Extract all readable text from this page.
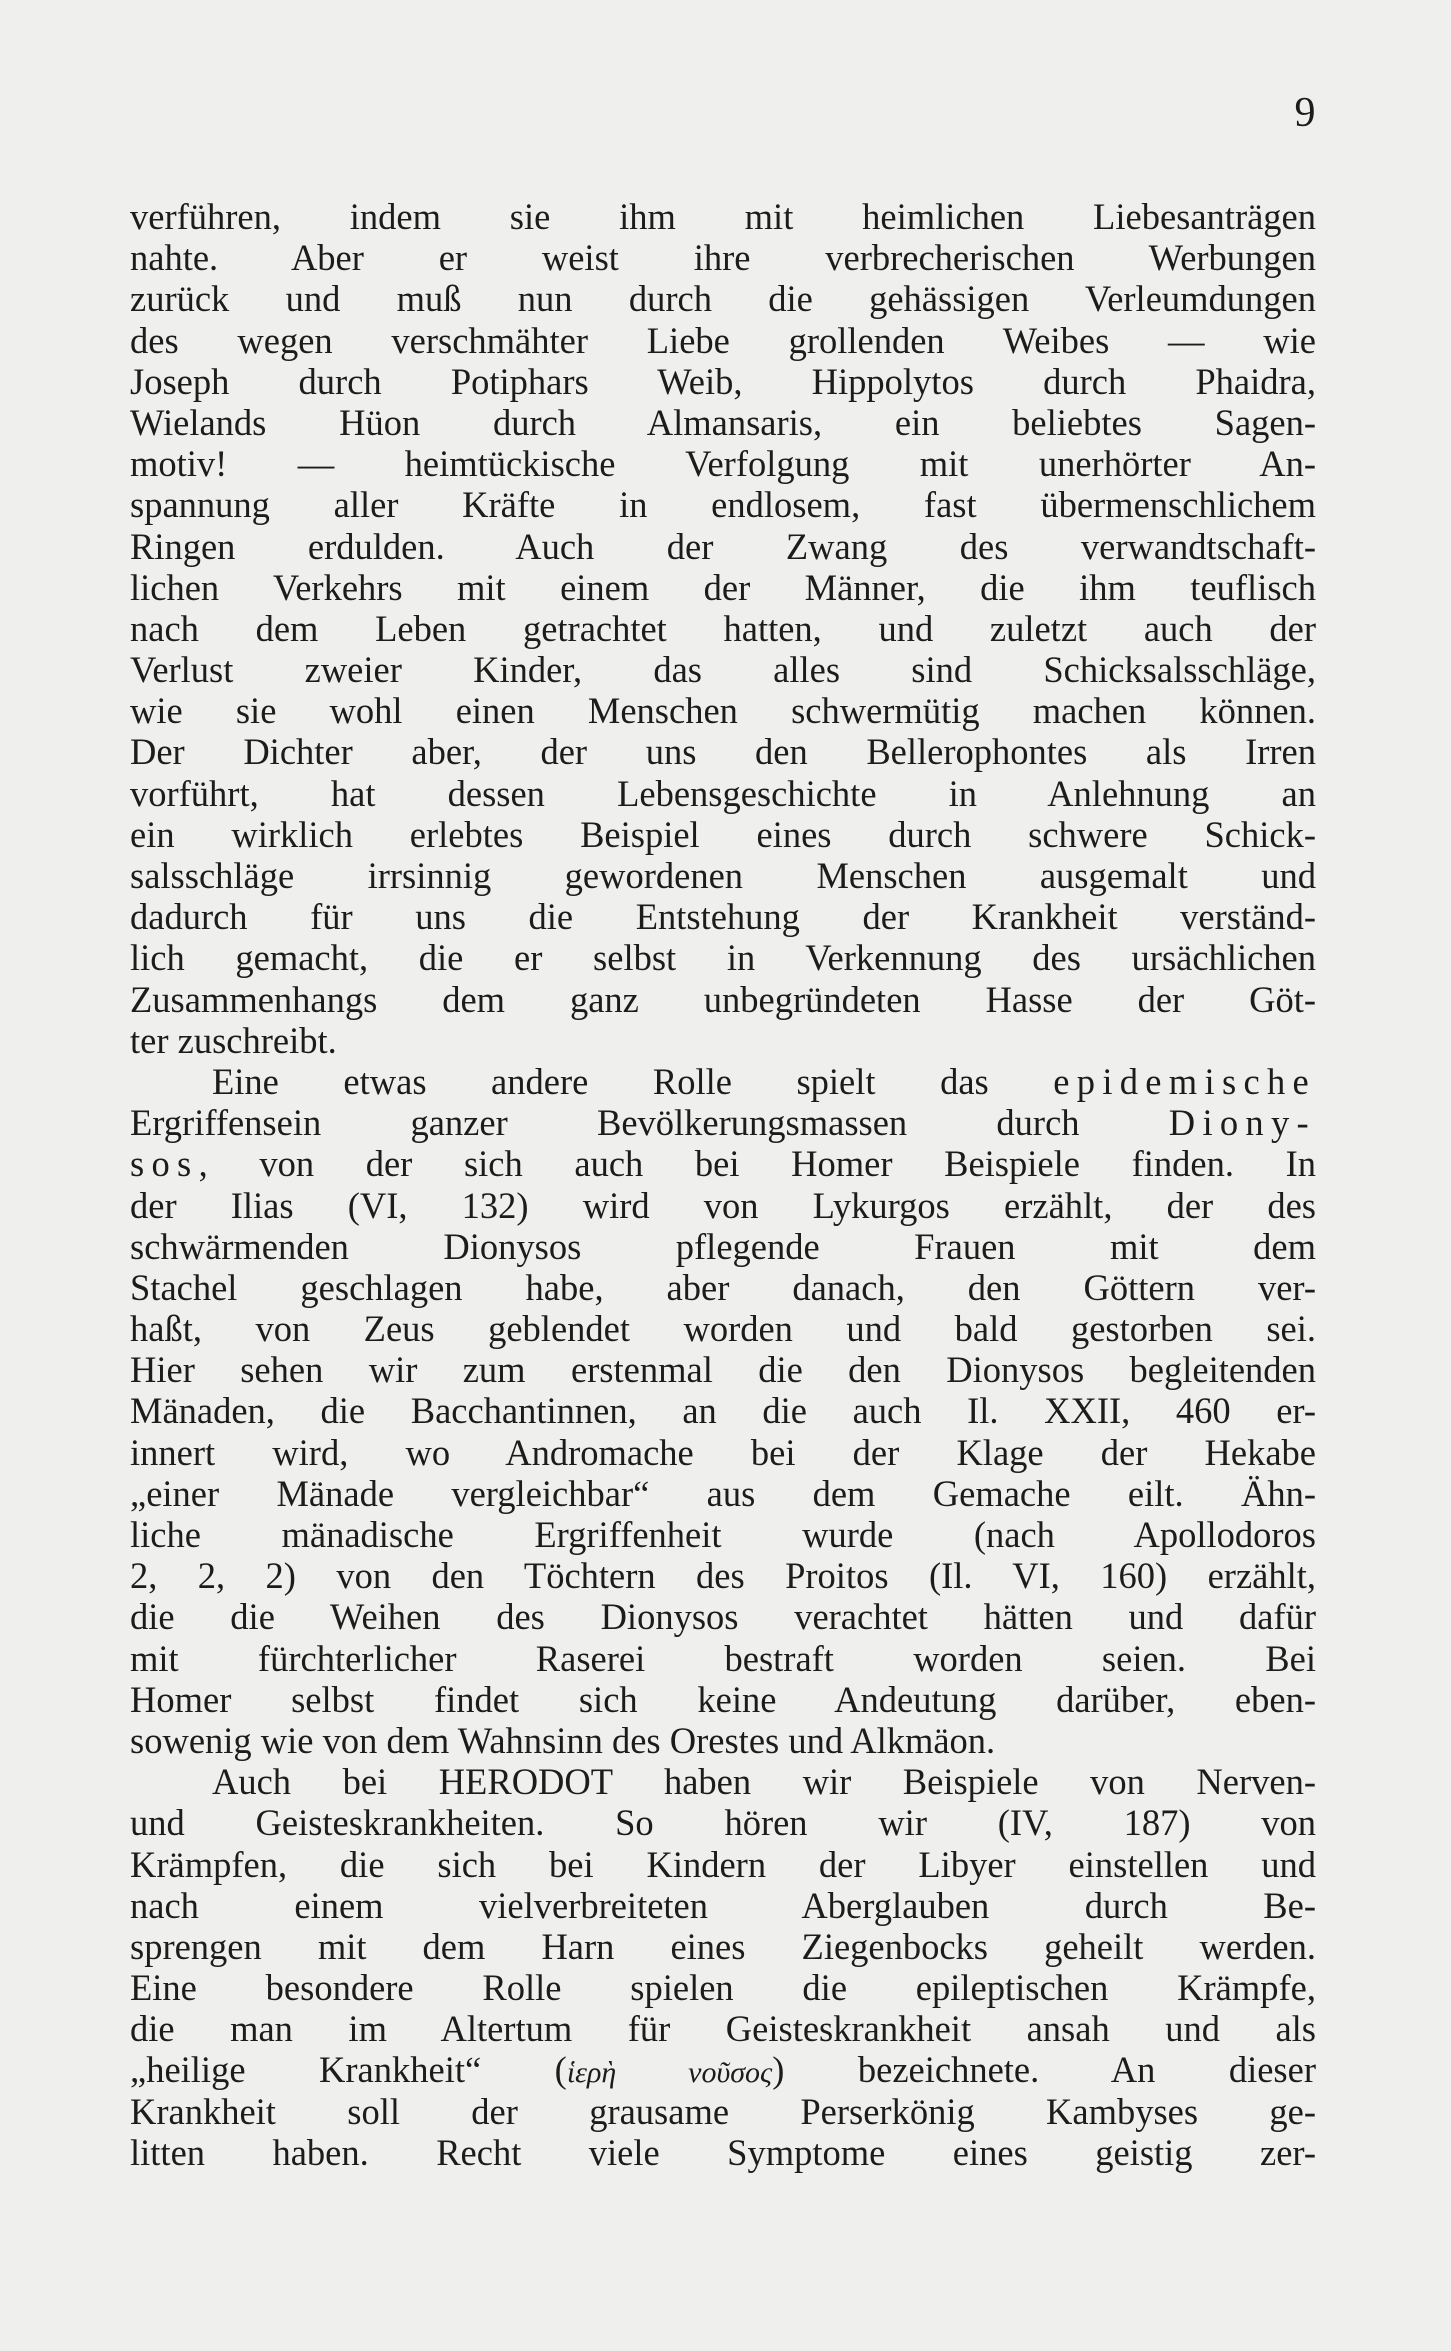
9
verführen, indem sie ihm mit heimlichen Liebesanträgen
nahte. Aber er weist ihre verbrecherischen Werbungen
zurück und muß nun durch die gehässigen Verleumdungen
des wegen verschmähter Liebe grollenden Weibes — wie
Joseph durch Potiphars Weib, Hippolytos durch Phaidra,
Wielands Hüon durch Almansaris, ein beliebtes Sagen-
motiv! — heimtückische Verfolgung mit unerhörter An-
spannung aller Kräfte in endlosem, fast übermenschlichem
Ringen erdulden. Auch der Zwang des verwandtschaft-
lichen Verkehrs mit einem der Männer, die ihm teuflisch
nach dem Leben getrachtet hatten, und zuletzt auch der
Verlust zweier Kinder, das alles sind Schicksalsschläge,
wie sie wohl einen Menschen schwermütig machen können.
Der Dichter aber, der uns den Bellerophontes als Irren
vorführt, hat dessen Lebensgeschichte in Anlehnung an
ein wirklich erlebtes Beispiel eines durch schwere Schick-
salsschläge irrsinnig gewordenen Menschen ausgemalt und
dadurch für uns die Entstehung der Krankheit verständ-
lich gemacht, die er selbst in Verkennung des ursächlichen
Zusammenhangs dem ganz unbegründeten Hasse der Göt-
ter zuschreibt.
Eine etwas andere Rolle spielt das epidemische
Ergriffensein ganzer Bevölkerungsmassen durch Diony-
sos, von der sich auch bei Homer Beispiele finden. In
der Ilias (VI, 132) wird von Lykurgos erzählt, der des
schwärmenden Dionysos pflegende Frauen mit dem
Stachel geschlagen habe, aber danach, den Göttern ver-
haßt, von Zeus geblendet worden und bald gestorben sei.
Hier sehen wir zum erstenmal die den Dionysos begleitenden
Mänaden, die Bacchantinnen, an die auch Il. XXII, 460 er-
innert wird, wo Andromache bei der Klage der Hekabe
„einer Mänade vergleichbar“ aus dem Gemache eilt. Ähn-
liche mänadische Ergriffenheit wurde (nach Apollodoros
2, 2, 2) von den Töchtern des Proitos (Il. VI, 160) erzählt,
die die Weihen des Dionysos verachtet hätten und dafür
mit fürchterlicher Raserei bestraft worden seien. Bei
Homer selbst findet sich keine Andeutung darüber, eben-
sowenig wie von dem Wahnsinn des Orestes und Alkmäon.
Auch bei HERODOT haben wir Beispiele von Nerven-
und Geisteskrankheiten. So hören wir (IV, 187) von
Krämpfen, die sich bei Kindern der Libyer einstellen und
nach einem vielverbreiteten Aberglauben durch Be-
sprengen mit dem Harn eines Ziegenbocks geheilt werden.
Eine besondere Rolle spielen die epileptischen Krämpfe,
die man im Altertum für Geisteskrankheit ansah und als
„heilige Krankheit“ (ἱερὴ νοῦσος) bezeichnete. An dieser
Krankheit soll der grausame Perserkönig Kambyses ge-
litten haben. Recht viele Symptome eines geistig zer-
